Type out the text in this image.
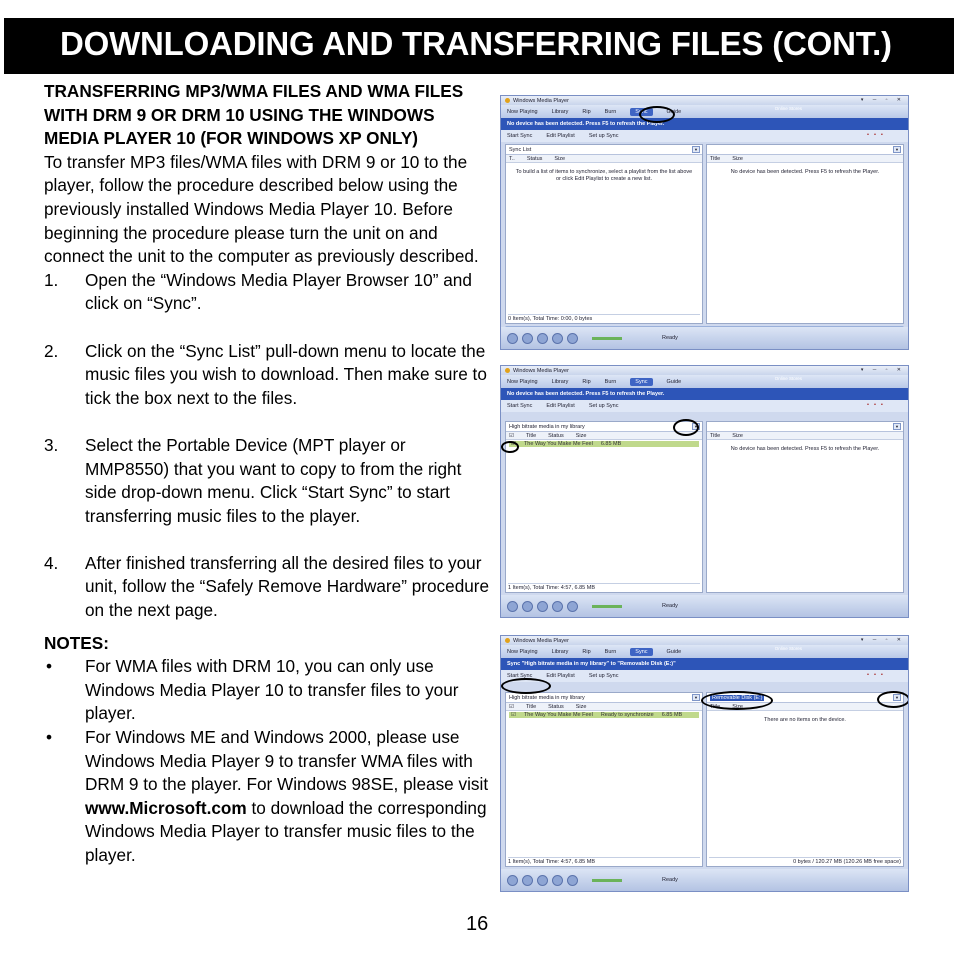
DOWNLOADING AND TRANSFERRING FILES (CONT.)
TRANSFERRING MP3/WMA FILES AND WMA FILES WITH DRM 9 OR DRM 10 USING THE WINDOWS MEDIA PLAYER 10 (FOR WINDOWS XP ONLY)
To transfer MP3 files/WMA files with DRM 9 or 10 to the player, follow the procedure described below using the previously installed Windows Media Player 10. Before beginning the procedure please turn the unit on and connect the unit to the computer as previously described.
1. Open the “Windows Media Player Browser 10” and click on “Sync”.
2. Click on the “Sync List” pull-down menu to locate the music files you wish to download. Then make sure to tick the box next to the files.
3. Select the Portable Device (MPT player or MMP8550) that you want to copy to from the right side drop-down menu. Click “Start Sync” to start transferring music files to the player.
4. After finished transferring all the desired files to your unit, follow the “Safely Remove Hardware” procedure on the next page.
NOTES:
• For WMA files with DRM 10, you can only use Windows Media Player 10 to transfer files to your player.
• For Windows ME and Windows 2000, please use Windows Media Player 9 to transfer WMA files with DRM 9 to the player. For Windows 98SE, please visit www.Microsoft.com to download the corresponding Windows Media Player to transfer music files to the player.
16
Windows Media Player	▾ ─ ▫ ✕
Now Playing	Library	Rip	Burn	Sync	Guide	Online Stores
No device has been detected. Press F5 to refresh the Player.
Start Sync	Edit Playlist	Set up Sync	▪▪▪
Sync List	▼
T.. Status Size
To build a list of items to synchronize, select a playlist from the list above or click Edit Playlist to create a new list.
0 Item(s), Total Time: 0:00, 0 bytes
▼
Title Size
No device has been detected. Press F5 to refresh the Player.
Ready
Windows Media Player	▾ ─ ▫ ✕
Now Playing	Library	Rip	Burn	Sync	Guide	Online Stores
No device has been detected. Press F5 to refresh the Player.
Start Sync	Edit Playlist	Set up Sync	▪▪▪
High bitrate media in my library	▼
☑ Title Status Size
☑ The Way You Make Me Feel 6.85 MB
1 Item(s), Total Time: 4:57, 6.85 MB
▼
Title Size
No device has been detected. Press F5 to refresh the Player.
Ready
Windows Media Player	▾ ─ ▫ ✕
Now Playing	Library	Rip	Burn	Sync	Guide	Online Stores
Sync "High bitrate media in my library" to "Removable Disk (E:)"
Start Sync	Edit Playlist	Set up Sync	▪▪▪
High bitrate media in my library	▼
☑ Title Status Size
☑ The Way You Make Me Feel Ready to synchronize 6.85 MB
1 Item(s), Total Time: 4:57, 6.85 MB
Removable Disk (E:)	▼
Title Size
There are no items on the device.
0 bytes / 120.27 MB (120.26 MB free space)
Ready
